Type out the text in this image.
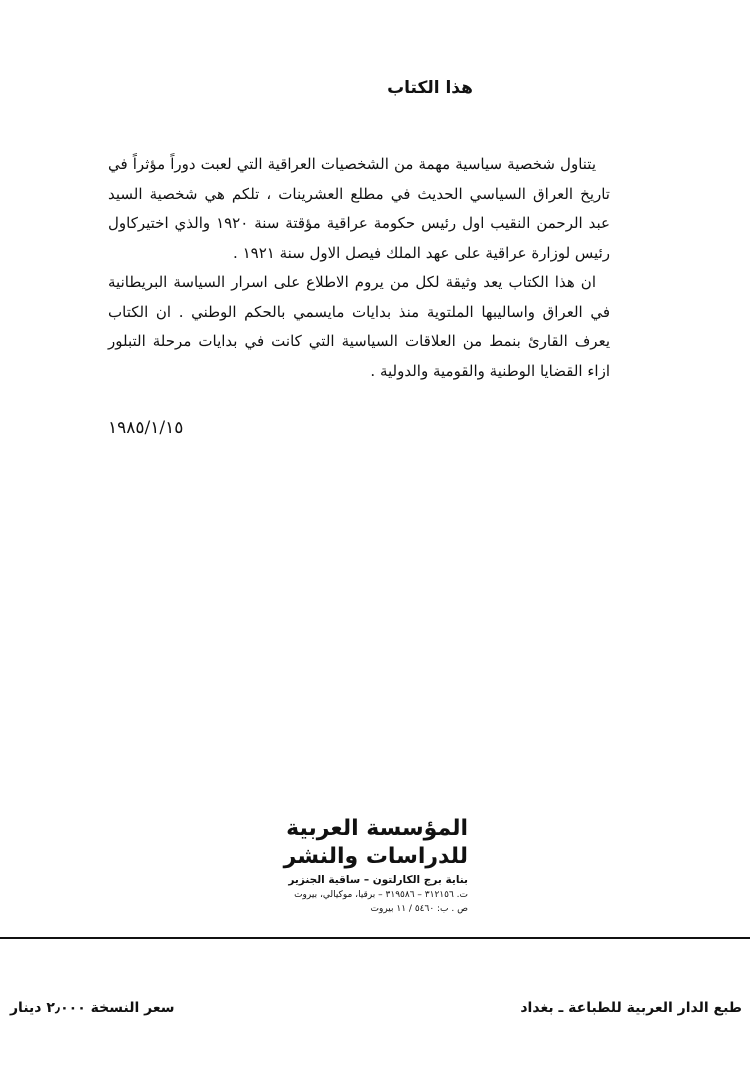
هذا الكتاب

يتناول شخصية سياسية مهمة من الشخصيات العراقية التي لعبت دوراً مؤثراً في تاريخ العراق السياسي الحديث في مطلع العشرينات ، تلكم هي شخصية السيد عبد الرحمن النقيب اول رئيس حكومة عراقية مؤقتة سنة ١٩٢٠ والذي اختيركاول رئيس لوزارة عراقية على عهد الملك فيصل الاول سنة ١٩٢١ .

ان هذا الكتاب يعد وثيقة لكل من يروم الاطلاع على اسرار السياسة البريطانية في العراق واساليبها الملتوية منذ بدايات مايسمي بالحكم الوطني . ان الكتاب يعرف القارئ بنمط من العلاقات السياسية التي كانت في بدايات مرحلة التبلور ازاء القضايا الوطنية والقومية والدولية .

١٩٨٥/١/١٥

المؤسسة العربية

للدراسات والنشر

بناية برج الكارلتون – ساقية الجنزير

ت. ٣١٢١٥٦ – ٣١٩٥٨٦ – برقيا، موكيالي، بيروت

ص . ب: ٥٤٦٠ / ١١ بيروت

طبع الدار العربية للطباعة ـ بغداد

سعر النسخة ٢٫٠٠٠ دينار
